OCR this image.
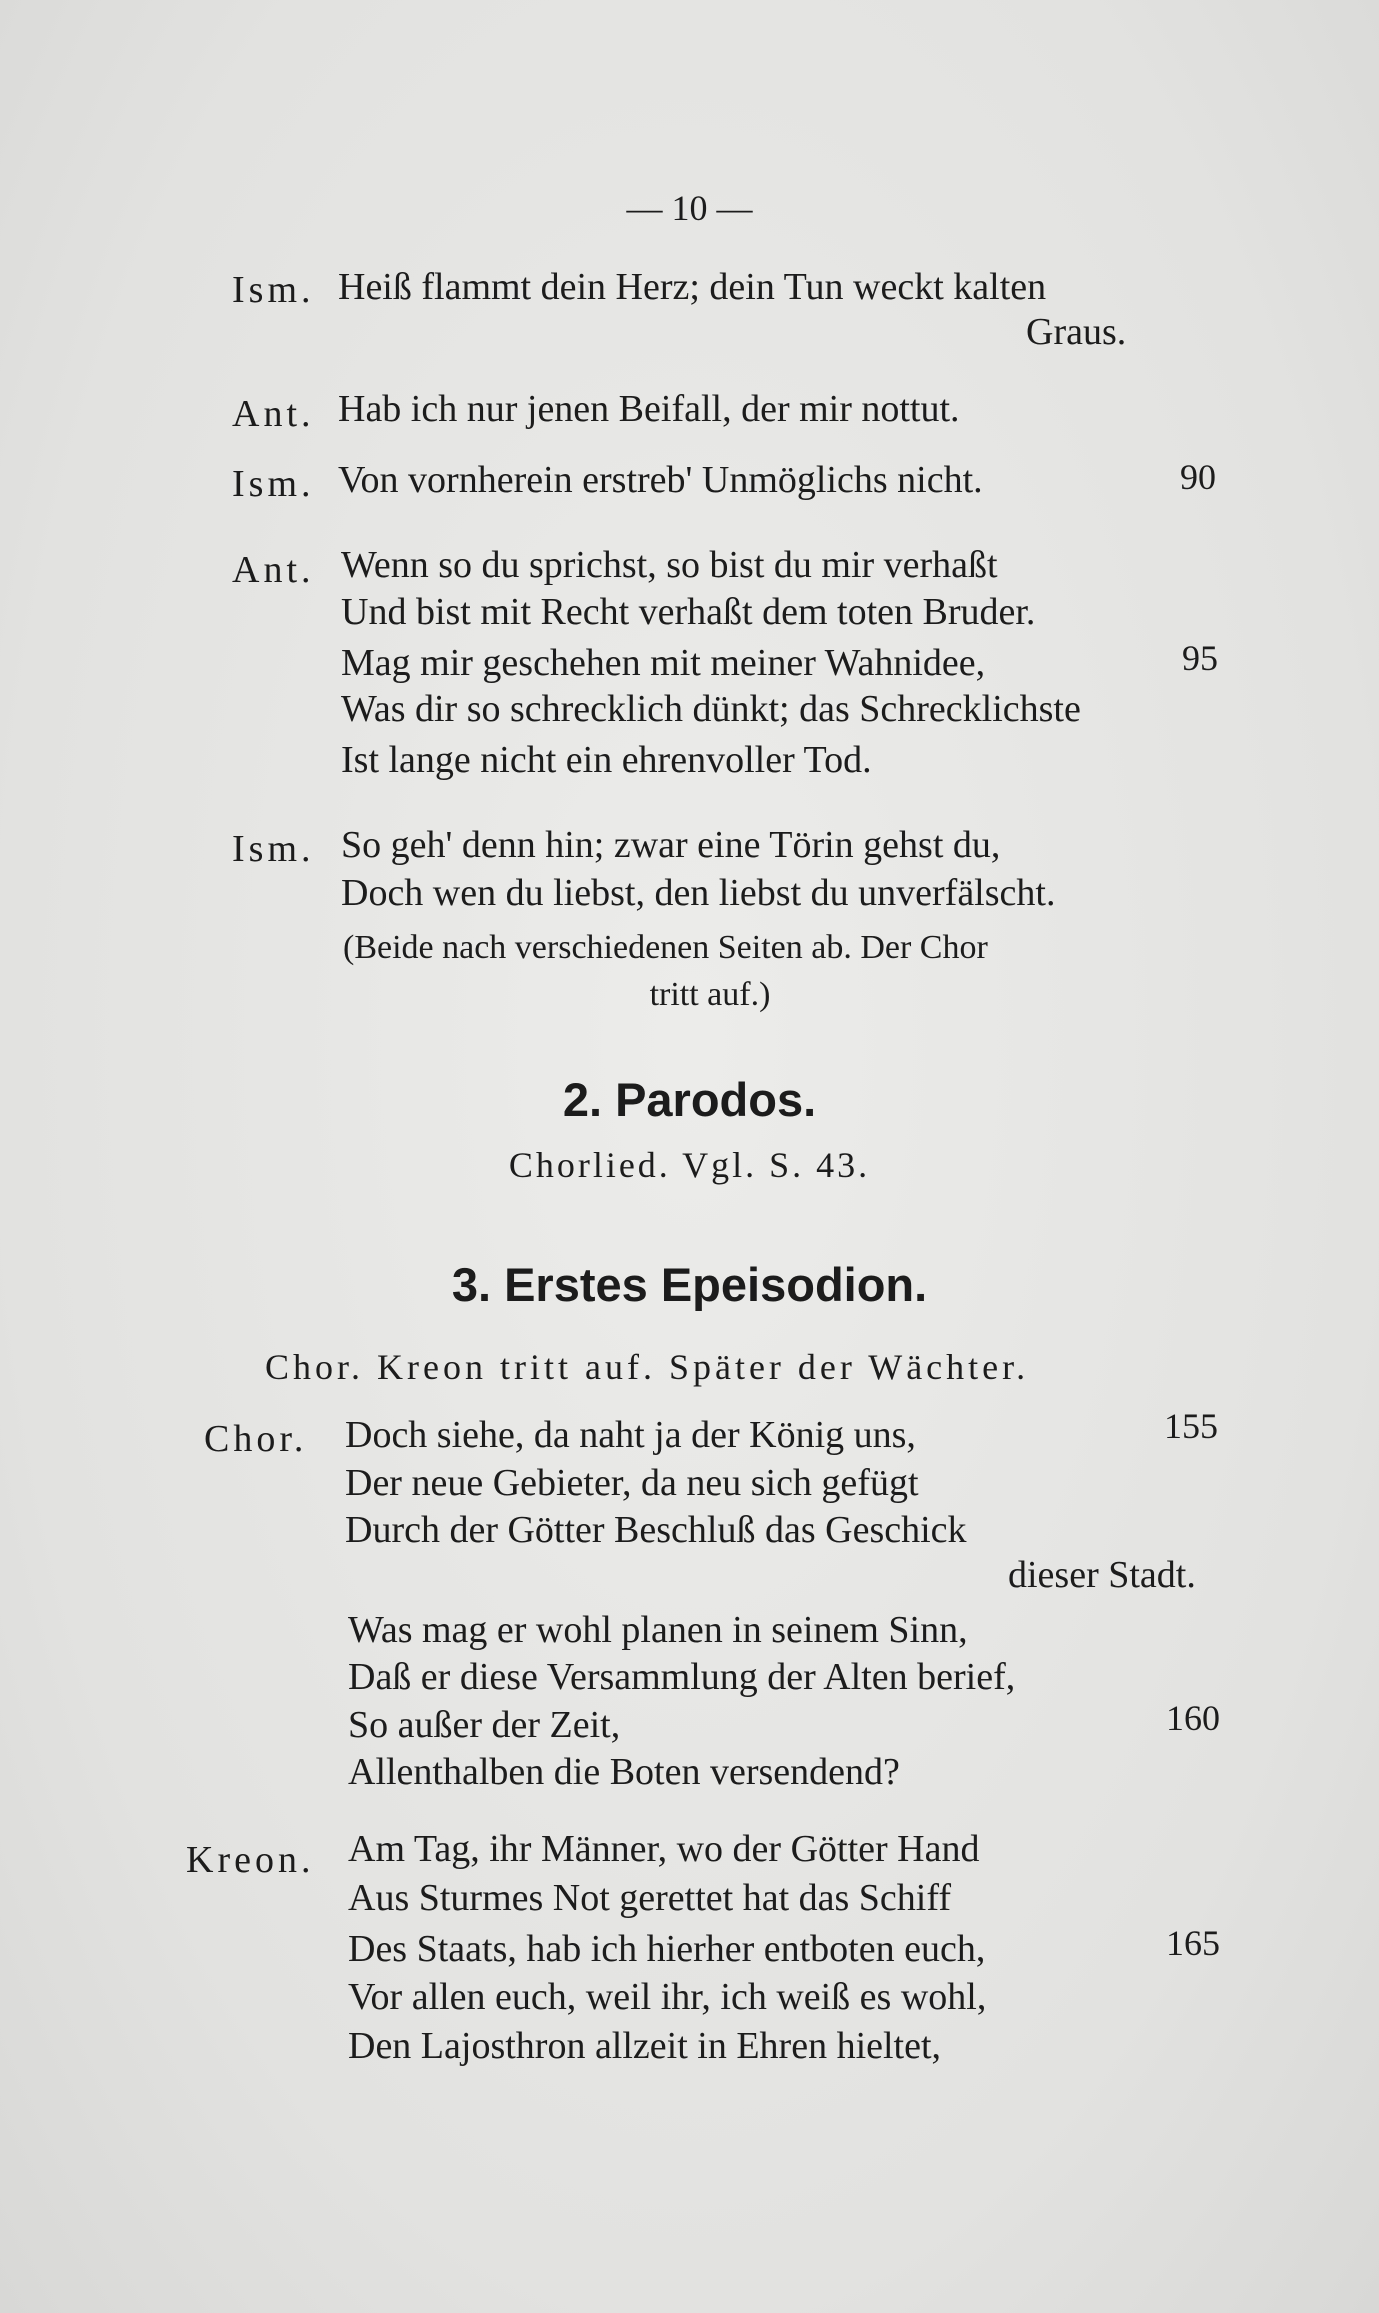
— 10 —
Ism. Heiß flammt dein Herz; dein Tun weckt kalten
Graus.
Ant. Hab ich nur jenen Beifall, der mir nottut.
Ism. Von vornherein erstreb' Unmöglichs nicht.	90
Ant. Wenn so du sprichst, so bist du mir verhaßt
Und bist mit Recht verhaßt dem toten Bruder.
Mag mir geschehen mit meiner Wahnidee,	95
Was dir so schrecklich dünkt; das Schrecklichste
Ist lange nicht ein ehrenvoller Tod.
Ism. So geh' denn hin; zwar eine Törin gehst du,
Doch wen du liebst, den liebst du unverfälscht.
(Beide nach verschiedenen Seiten ab. Der Chor
tritt auf.)
2. Parodos.
Chorlied. Vgl. S. 43.
3. Erstes Epeisodion.
Chor. Kreon tritt auf. Später der Wächter.
Chor. Doch siehe, da naht ja der König uns,	155
Der neue Gebieter, da neu sich gefügt
Durch der Götter Beschluß das Geschick
dieser Stadt.
Was mag er wohl planen in seinem Sinn,
Daß er diese Versammlung der Alten berief,
So außer der Zeit,	160
Allenthalben die Boten versendend?
Kreon. Am Tag, ihr Männer, wo der Götter Hand
Aus Sturmes Not gerettet hat das Schiff
Des Staats, hab ich hierher entboten euch,	165
Vor allen euch, weil ihr, ich weiß es wohl,
Den Lajosthron allzeit in Ehren hieltet,
